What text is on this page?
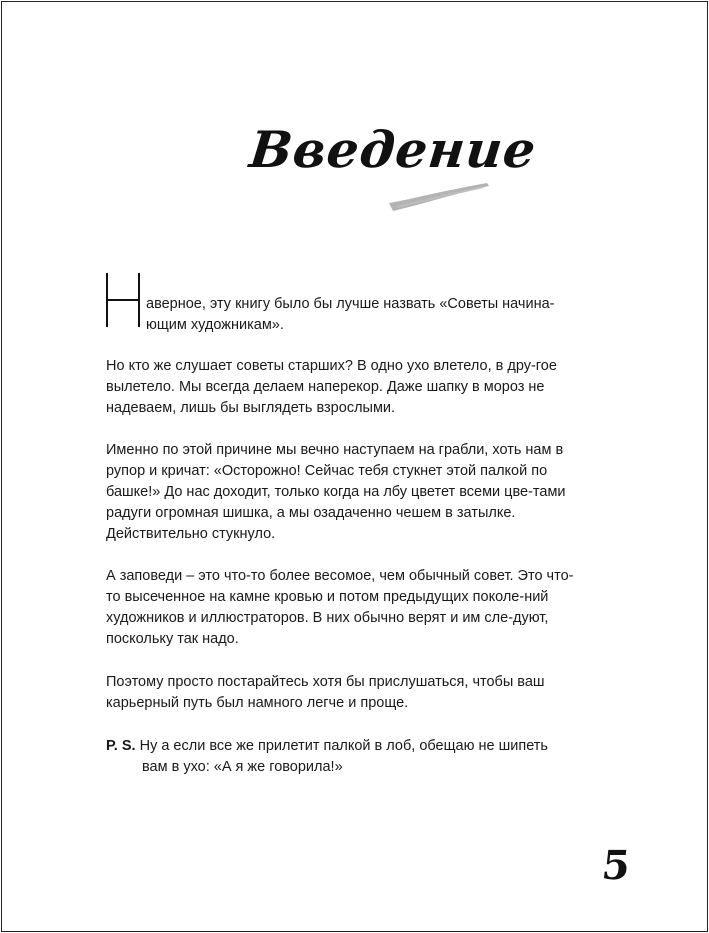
Введение

аверное, эту книгу было бы лучше назвать «Советы начина-ющим художникам».

Но кто же слушает советы старших? В одно ухо влетело, в дру-гое вылетело. Мы всегда делаем наперекор. Даже шапку в мороз не надеваем, лишь бы выглядеть взрослыми.

Именно по этой причине мы вечно наступаем на грабли, хоть нам в рупор и кричат: «Осторожно! Сейчас тебя стукнет этой палкой по башке!» До нас доходит, только когда на лбу цветет всеми цве-тами радуги огромная шишка, а мы озадаченно чешем в затылке. Действительно стукнуло.

А заповеди – это что-то более весомое, чем обычный совет. Это что-то высеченное на камне кровью и потом предыдущих поколе-ний художников и иллюстраторов. В них обычно верят и им сле-дуют, поскольку так надо.

Поэтому просто постарайтесь хотя бы прислушаться, чтобы ваш карьерный путь был намного легче и проще.

P. S. Ну а если все же прилетит палкой в лоб, обещаю не шипеть
вам в ухо: «А я же говорила!»
5
